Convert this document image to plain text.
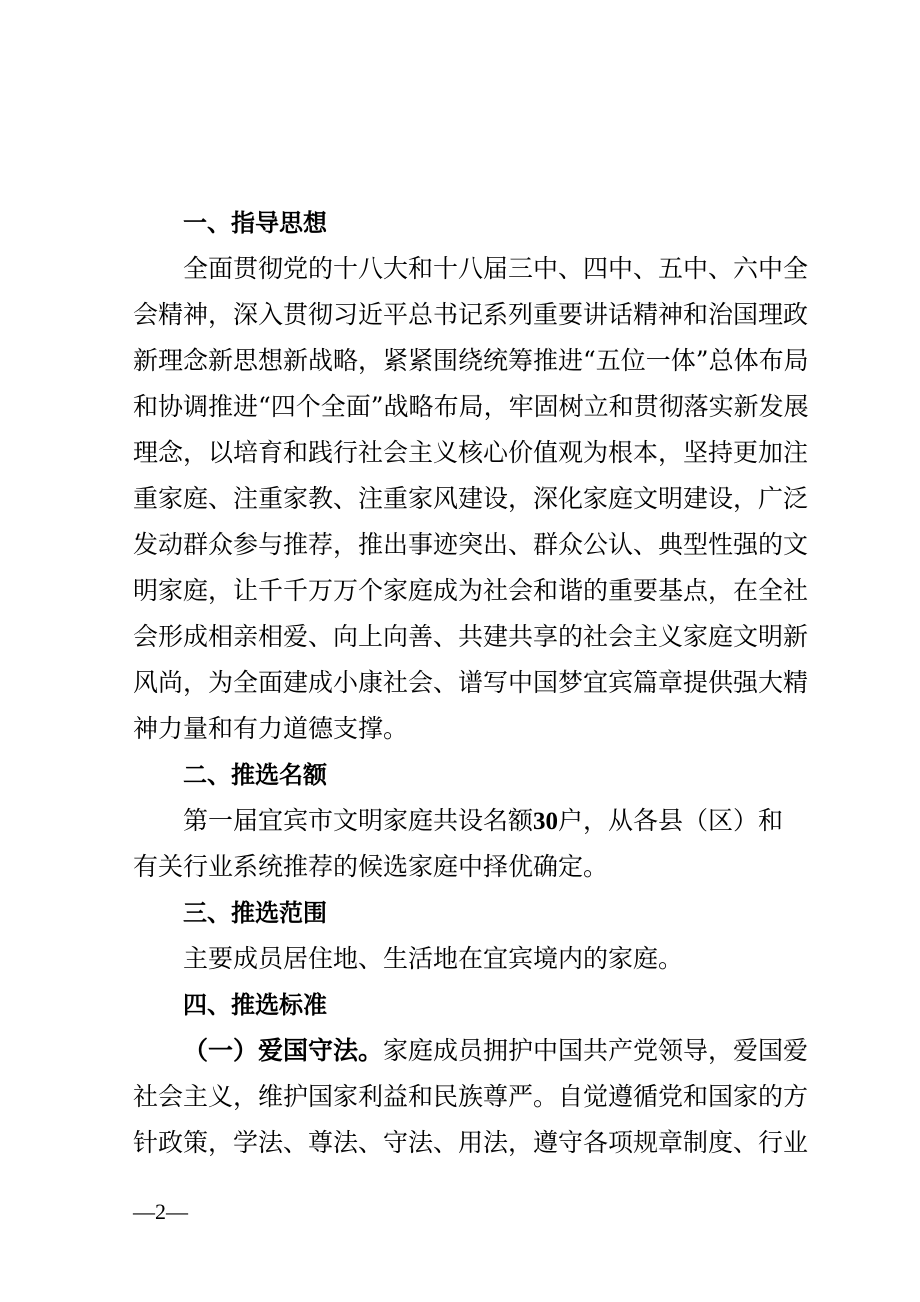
一、指导思想
全面贯彻党的十八大和十八届三中、四中、五中、六中全
会精神，深入贯彻习近平总书记系列重要讲话精神和治国理政
新理念新思想新战略，紧紧围绕统筹推进“五位一体”总体布局
和协调推进“四个全面”战略布局，牢固树立和贯彻落实新发展
理念，以培育和践行社会主义核心价值观为根本，坚持更加注
重家庭、注重家教、注重家风建设，深化家庭文明建设，广泛
发动群众参与推荐，推出事迹突出、群众公认、典型性强的文
明家庭，让千千万万个家庭成为社会和谐的重要基点，在全社
会形成相亲相爱、向上向善、共建共享的社会主义家庭文明新
风尚，为全面建成小康社会、谱写中国梦宜宾篇章提供强大精
神力量和有力道德支撑。
二、推选名额
第一届宜宾市文明家庭共设名额30户，从各县（区）和
有关行业系统推荐的候选家庭中择优确定。
三、推选范围
主要成员居住地、生活地在宜宾境内的家庭。
四、推选标准
（一）爱国守法。家庭成员拥护中国共产党领导，爱国爱
社会主义，维护国家利益和民族尊严。自觉遵循党和国家的方
针政策，学法、尊法、守法、用法，遵守各项规章制度、行业
—2—
